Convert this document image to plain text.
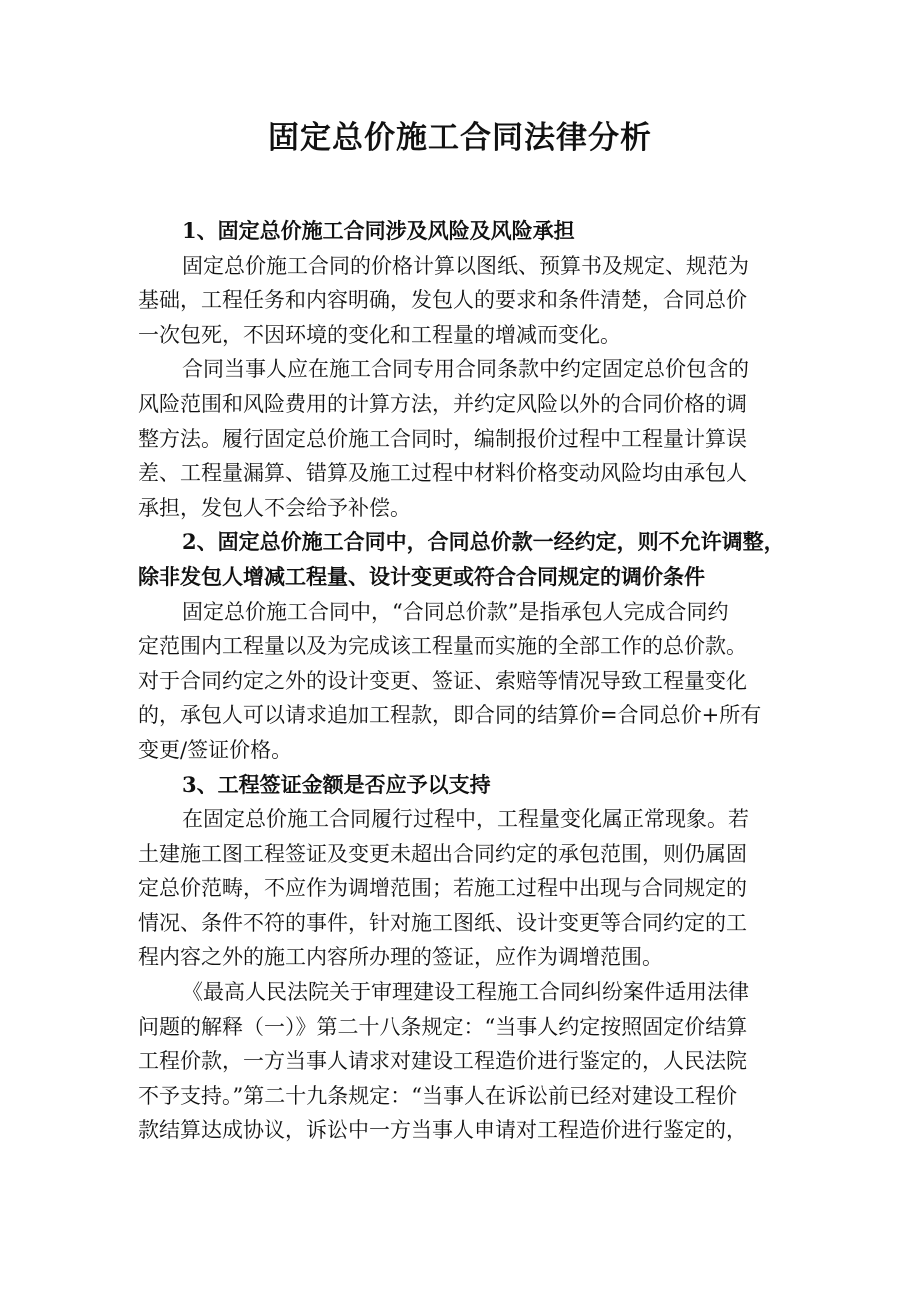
固定总价施工合同法律分析
1、固定总价施工合同涉及风险及风险承担
固定总价施工合同的价格计算以图纸、预算书及规定、规范为
基础，工程任务和内容明确，发包人的要求和条件清楚，合同总价
一次包死，不因环境的变化和工程量的增减而变化。
合同当事人应在施工合同专用合同条款中约定固定总价包含的
风险范围和风险费用的计算方法，并约定风险以外的合同价格的调
整方法。履行固定总价施工合同时，编制报价过程中工程量计算误
差、工程量漏算、错算及施工过程中材料价格变动风险均由承包人
承担，发包人不会给予补偿。
2、固定总价施工合同中，合同总价款一经约定，则不允许调整，
除非发包人增减工程量、设计变更或符合合同规定的调价条件
固定总价施工合同中，“合同总价款”是指承包人完成合同约
定范围内工程量以及为完成该工程量而实施的全部工作的总价款。
对于合同约定之外的设计变更、签证、索赔等情况导致工程量变化
的，承包人可以请求追加工程款，即合同的结算价=合同总价+所有
变更/签证价格。
3、工程签证金额是否应予以支持
在固定总价施工合同履行过程中，工程量变化属正常现象。若
土建施工图工程签证及变更未超出合同约定的承包范围，则仍属固
定总价范畴，不应作为调增范围；若施工过程中出现与合同规定的
情况、条件不符的事件，针对施工图纸、设计变更等合同约定的工
程内容之外的施工内容所办理的签证，应作为调增范围。
《最高人民法院关于审理建设工程施工合同纠纷案件适用法律
问题的解释（一）》第二十八条规定：“当事人约定按照固定价结算
工程价款，一方当事人请求对建设工程造价进行鉴定的，人民法院
不予支持。”第二十九条规定：“当事人在诉讼前已经对建设工程价
款结算达成协议，诉讼中一方当事人申请对工程造价进行鉴定的，
